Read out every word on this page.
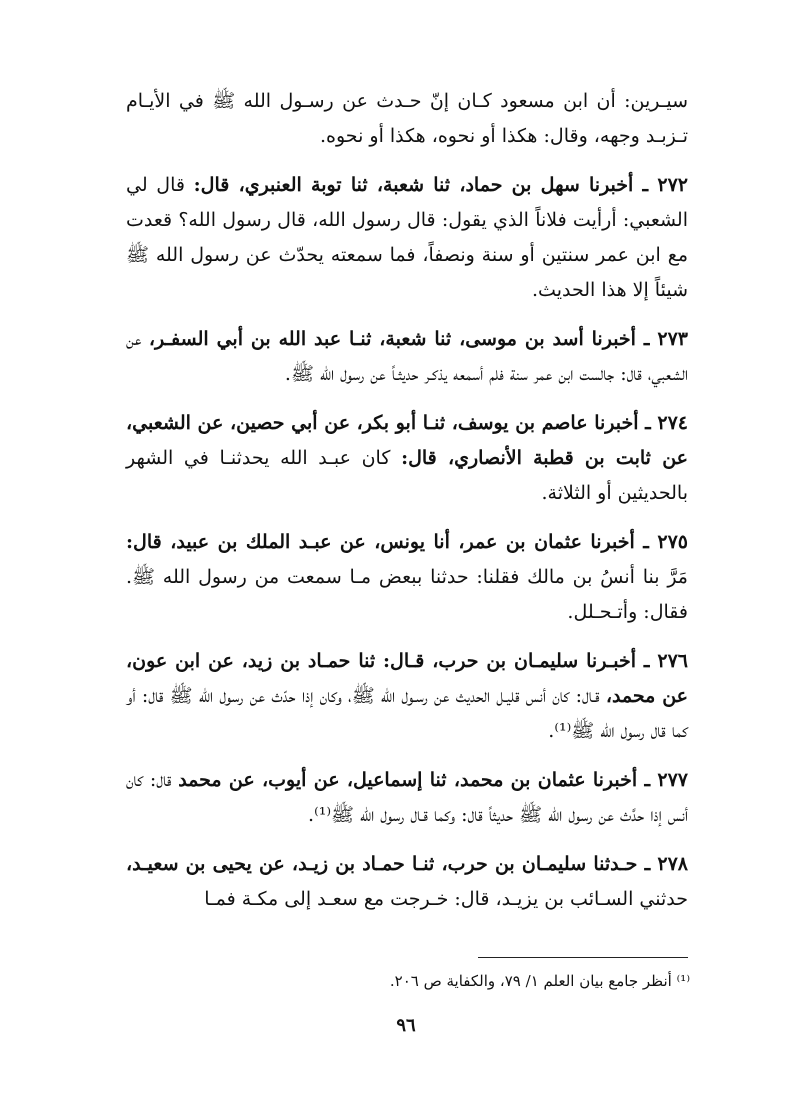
سيـرين: أن ابن مسعود كـان إنّ حـدث عن رسـول الله ﷺ في الأيـام تـزبـد وجهه، وقال: هكذا أو نحوه، هكذا أو نحوه.

٢٧٢ ـ أخبرنا سهل بن حماد، ثنا شعبة، ثنا توبة العنبري، قال: قال لي الشعبي: أرأيت فلاناً الذي يقول: قال رسول الله، قال رسول الله؟ قعدت مع ابن عمر سنتين أو سنة ونصفاً، فما سمعته يحدّث عن رسول الله ﷺ شيئاً إلا هذا الحديث.

٢٧٣ ـ أخبرنا أسد بن موسى، ثنا شعبة، ثنـا عبد الله بن أبي السفـر، عن الشعبي، قال: جالست ابن عمر سنة فلم أسمعه يذكـر حديثـاً عن رسول الله ﷺ.

٢٧٤ ـ أخبرنا عاصم بن يوسف، ثنـا أبو بكر، عن أبي حصين، عن الشعبي، عن ثابت بن قطبة الأنصاري، قال: كان عبـد الله يحدثنـا في الشهر بالحديثين أو الثلاثة.

٢٧٥ ـ أخبرنا عثمان بن عمر، أنا يونس، عن عبـد الملك بن عبيد، قال: مَرَّ بنا أنسُ بن مالك فقلنا: حدثنا ببعض مـا سمعت من رسول الله ﷺ. فقال: وأتـحـلل.

٢٧٦ ـ أخبـرنا سليمـان بن حرب، قـال: ثنا حمـاد بن زيد، عن ابن عون، عن محمد، قـال: كان أنس قليـل الحديث عن رسـول الله ﷺ، وكان إذا حدّث عن رسول الله ﷺ قال: أو كما قال رسول الله ﷺ⁽¹⁾.

٢٧٧ ـ أخبرنا عثمان بن محمد، ثنا إسماعيل، عن أيوب، عن محمد قال: كان أنس إذا حدَّث عن رسول الله ﷺ حديثاً قال: وكما قـال رسول الله ﷺ⁽¹⁾.

٢٧٨ ـ حـدثنا سليمـان بن حرب، ثنـا حمـاد بن زيـد، عن يحيى بن سعيـد، حدثني السـائب بن يزيـد، قال: خـرجت مع سعـد إلى مكـة فمـا

⁽¹⁾ أنظر جامع بيان العلم ١/ ٧٩، والكفاية ص ٢٠٦.
٩٦
